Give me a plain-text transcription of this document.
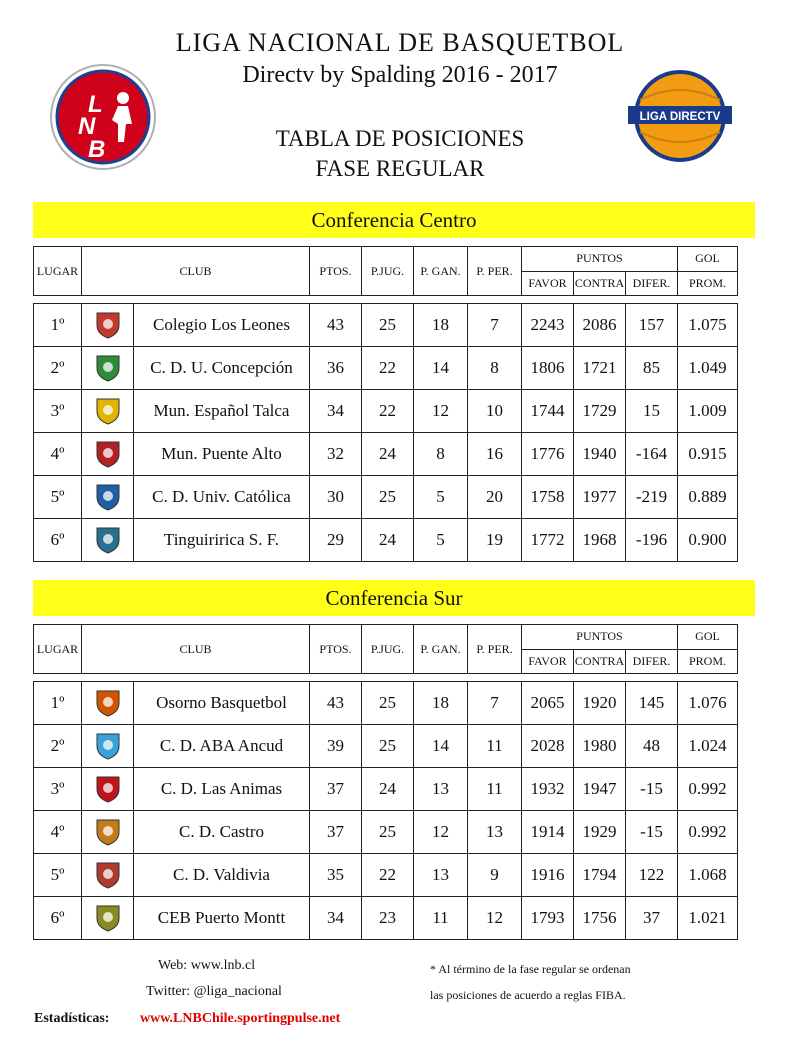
LIGA NACIONAL DE BASQUETBOL
Directv by Spalding 2016 - 2017
TABLA DE POSICIONES
FASE REGULAR
L
N
B
LIGA DIRECTV
Conferencia Centro
Conferencia Sur
LUGAR	CLUB	PTOS.	P.JUG.	P. GAN.	P. PER.	PUNTOS			GOL
						FAVOR	CONTRA	DIFER.	PROM.
1º		Colegio Los Leones	43	25	18	7	2243	2086	157	1.075
2º		C. D. U. Concepción	36	22	14	8	1806	1721	85	1.049
3º		Mun. Español Talca	34	22	12	10	1744	1729	15	1.009
4º		Mun. Puente Alto	32	24	8	16	1776	1940	-164	0.915
5º		C. D. Univ. Católica	30	25	5	20	1758	1977	-219	0.889
6º		Tinguiririca S. F.	29	24	5	19	1772	1968	-196	0.900
LUGAR	CLUB	PTOS.	P.JUG.	P. GAN.	P. PER.	PUNTOS			GOL
						FAVOR	CONTRA	DIFER.	PROM.
1º		Osorno Basquetbol	43	25	18	7	2065	1920	145	1.076
2º		C. D. ABA Ancud	39	25	14	11	2028	1980	48	1.024
3º		C. D. Las Animas	37	24	13	11	1932	1947	-15	0.992
4º		C. D. Castro	37	25	12	13	1914	1929	-15	0.992
5º		C. D. Valdivia	35	22	13	9	1916	1794	122	1.068
6º		CEB Puerto Montt	34	23	11	12	1793	1756	37	1.021
Web: www.lnb.cl
Twitter: @liga_nacional
Estadísticas: www.LNBChile.sportingpulse.net
* Al término de la fase regular se ordenan
las posiciones de acuerdo a reglas FIBA.
